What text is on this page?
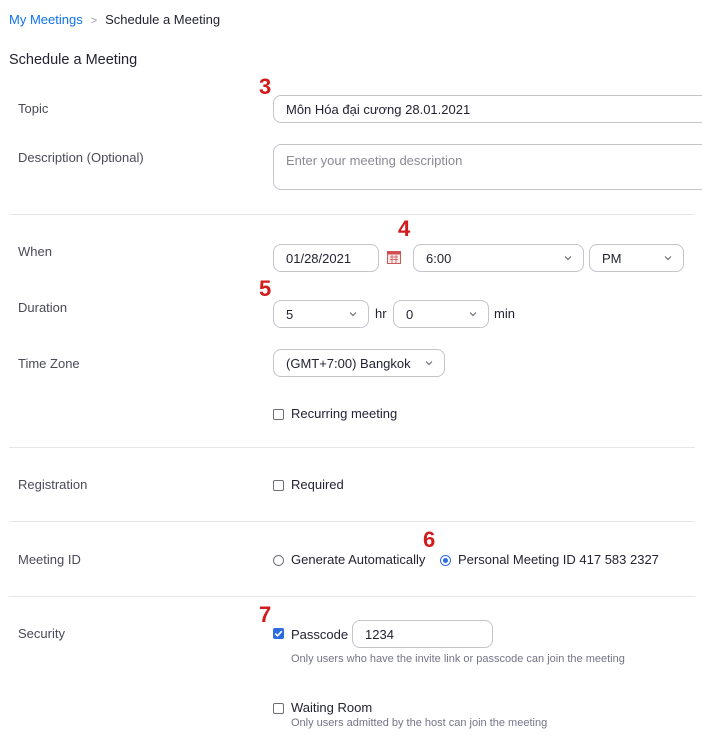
My Meetings > Schedule a Meeting
Schedule a Meeting
3
Topic	Môn Hóa đại cương 28.01.2021
Description (Optional)	Enter your meeting description
4
When	01/28/2021	6:00	PM
5
Duration	5	hr 0	min
Time Zone	(GMT+7:00) Bangkok
Recurring meeting
Registration	Required
6
Meeting ID	Generate Automatically	Personal Meeting ID 417 583 2327
7
Security	Passcode 1234
Only users who have the invite link or passcode can join the meeting
Waiting Room
Only users admitted by the host can join the meeting
